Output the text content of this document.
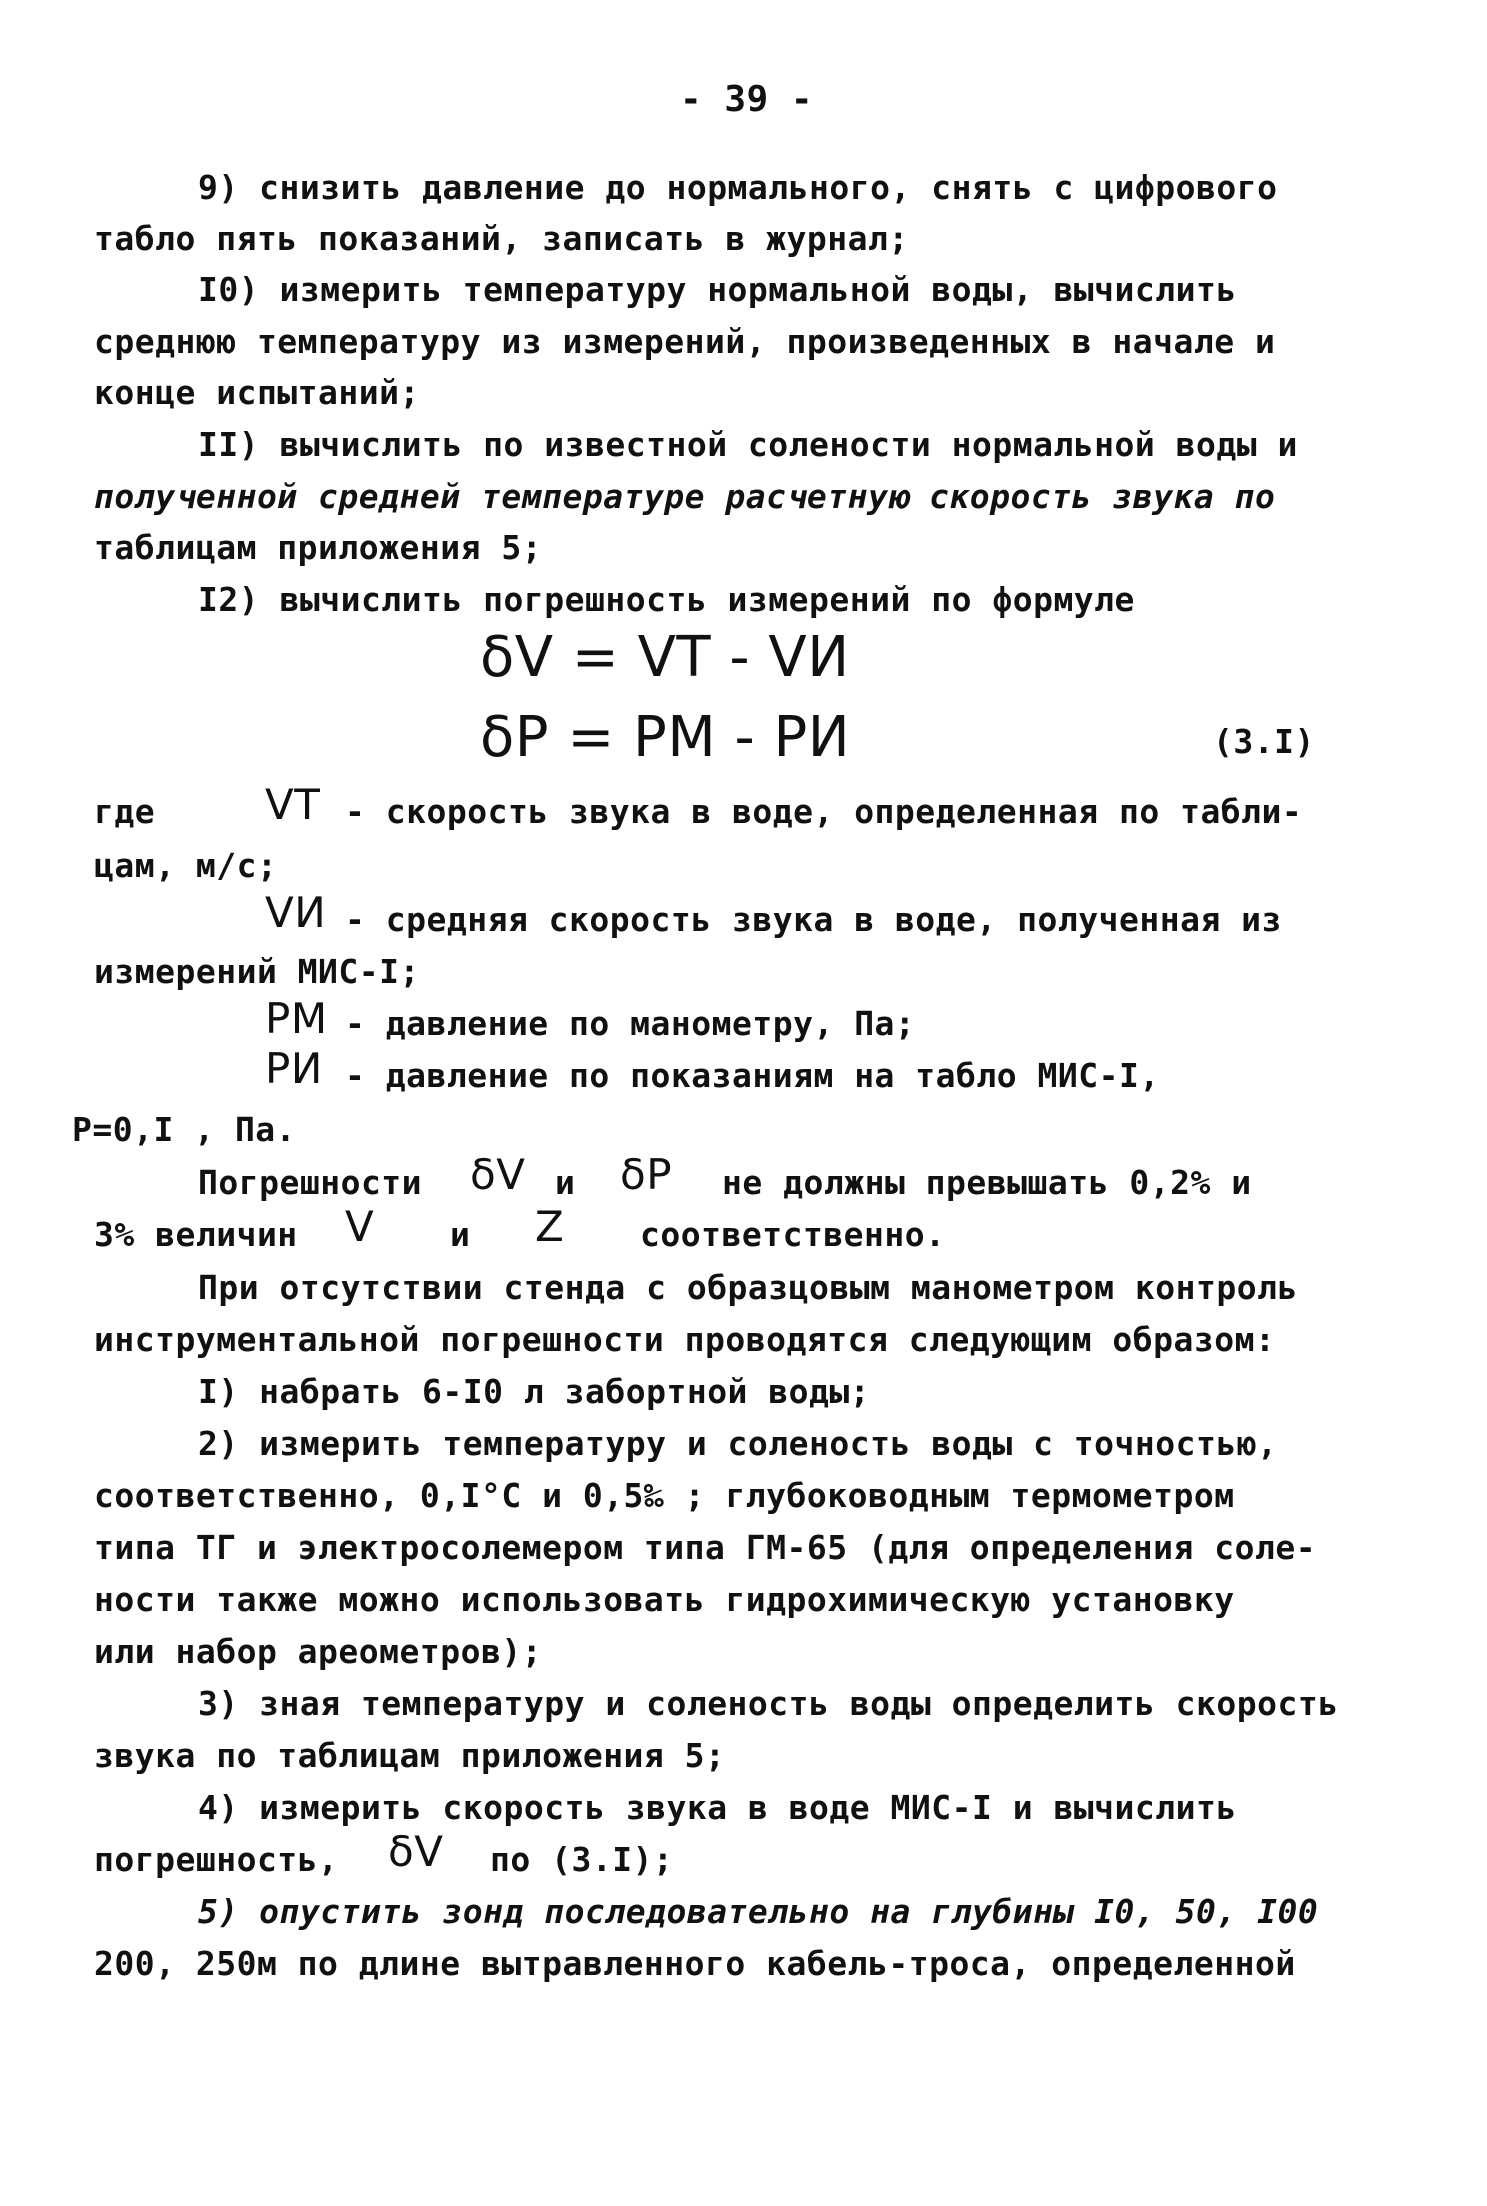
- 39 -
9) снизить давление до нормального, снять с цифрового
табло пять показаний, записать в журнал;
I0) измерить температуру нормальной воды, вычислить
среднюю температуру из измерений, произведенных в начале и
конце испытаний;
II) вычислить по известной солености нормальной воды и
полученной средней температуре расчетную скорость звука по
таблицам приложения 5;
I2) вычислить погрешность измерений по формуле
δV = VТ - VИ
δP = PМ - PИ	(3.I)
где	VТ - скорость звука в воде, определенная по табли-
цам, м/с;
VИ - средняя скорость звука в воде, полученная из
измерений МИС-I;
PМ - давление по манометру, Па;
PИ - давление по показаниям на табло МИС-I,
P=0,I , Па.
Погрешности δV и δP не должны превышать 0,2% и
3% величин V и Z соответственно.
При отсутствии стенда с образцовым манометром контроль
инструментальной погрешности проводятся следующим образом:
I) набрать 6-I0 л забортной воды;
2) измерить температуру и соленость воды с точностью,
соответственно, 0,I°C и 0,5‰ ; глубоководным термометром
типа ТГ и электросолемером типа ГМ-65 (для определения соле-
ности также можно использовать гидрохимическую установку
или набор ареометров);
3) зная температуру и соленость воды определить скорость
звука по таблицам приложения 5;
4) измерить скорость звука в воде МИС-I и вычислить
погрешность, δV по (3.I);
5) опустить зонд последовательно на глубины I0, 50, I00
200, 250м по длине вытравленного кабель-троса, определенной
